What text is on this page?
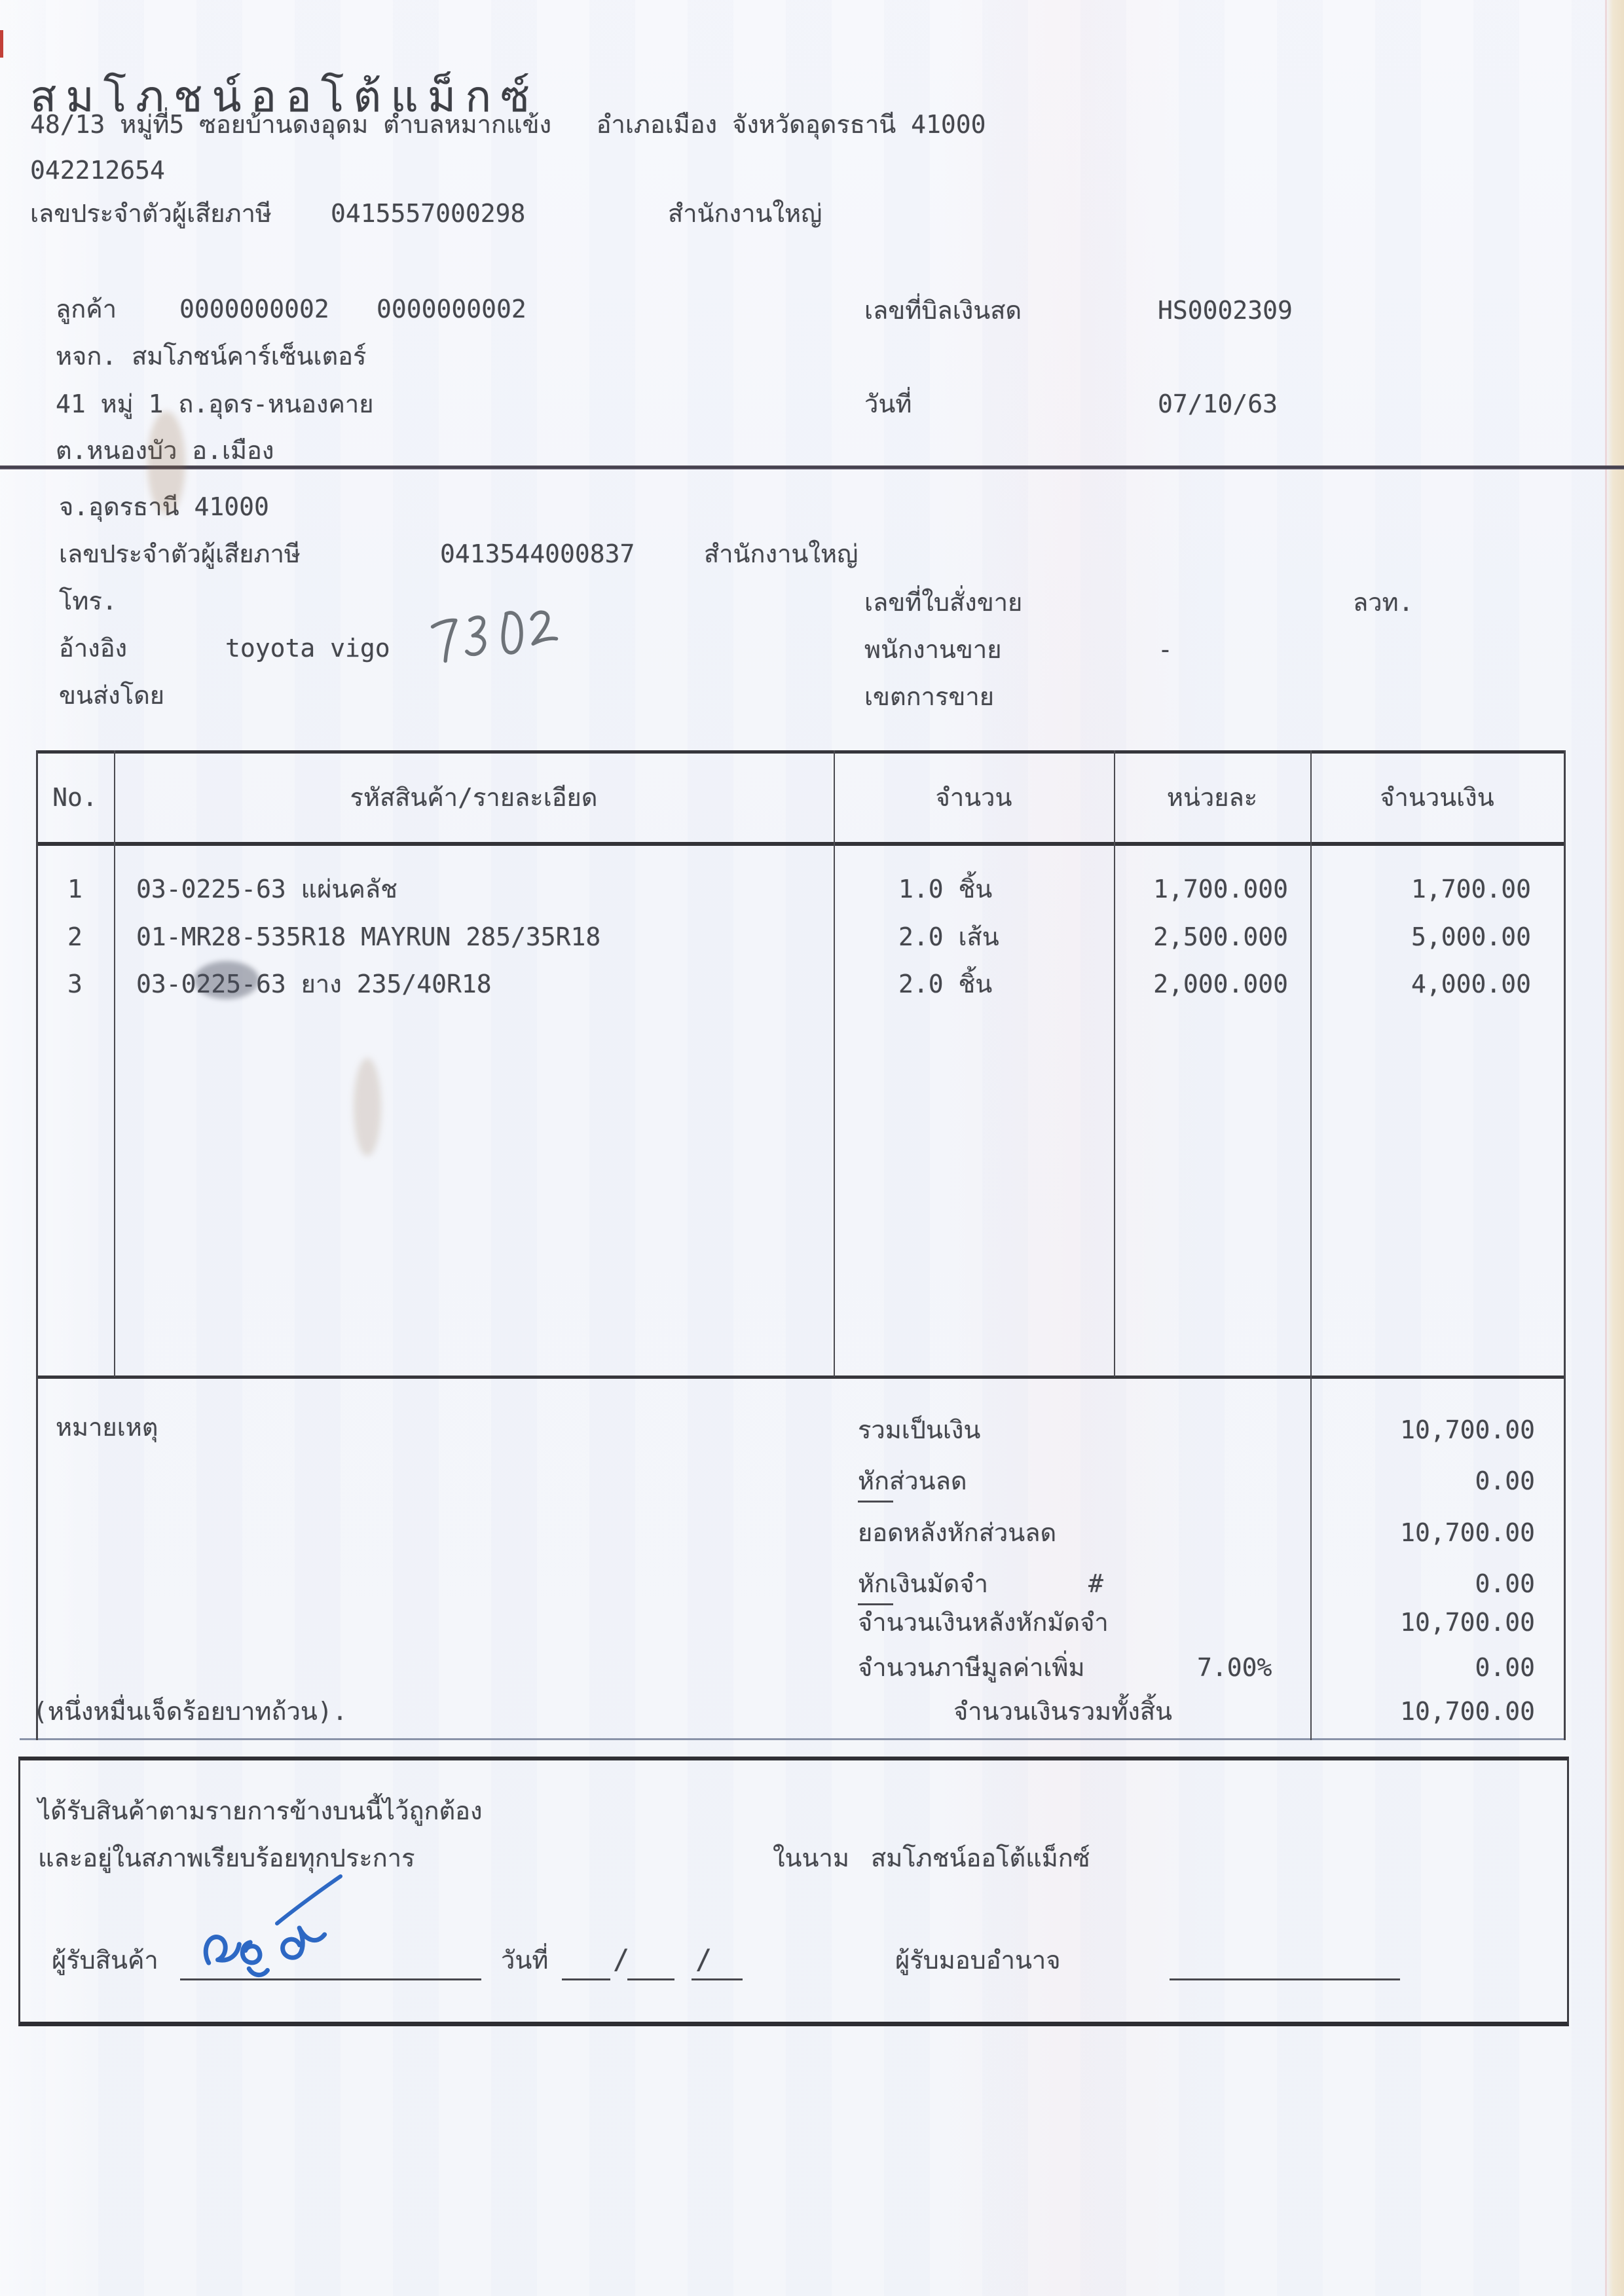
สมโภชน์ออโต้แม็กซ์
48/13 หมู่ที่5 ซอยบ้านดงอุดม ตำบลหมากแข้ง   อำเภอเมือง จังหวัดอุดรธานี 41000
042212654
เลขประจำตัวผู้เสียภาษี 0415557000298	สำนักงานใหญ่
ลูกค้า	0000000002 0000000002
หจก. สมโภชน์คาร์เซ็นเตอร์
41 หมู่ 1 ถ.อุดร-หนองคาย
ต.หนองบัว อ.เมือง
เลขที่บิลเงินสด	HS0002309
วันที่	07/10/63
จ.อุดรธานี 41000
เลขประจำตัวผู้เสียภาษี	0413544000837	สำนักงานใหญ่
โทร.	เลขที่ใบสั่งขาย	ลวท.
อ้างอิง	toyota vigo	พนักงานขาย	-
ขนส่งโดย	เขตการขาย
No.	รหัสสินค้า/รายละเอียด	จำนวน	หน่วยละ	จำนวนเงิน
1	03-0225-63 แผ่นคลัช	1.0 ชิ้น	1,700.000	1,700.00
2	01-MR28-535R18 MAYRUN 285/35R18	2.0 เส้น	2,500.000	5,000.00
3	03-0225-63 ยาง 235/40R18	2.0 ชิ้น	2,000.000	4,000.00
หมายเหตุ	รวมเป็นเงิน	10,700.00
หักส่วนลด	0.00
ยอดหลังหักส่วนลด	10,700.00
หักเงินมัดจำ	#	0.00
จำนวนเงินหลังหักมัดจำ	10,700.00
จำนวนภาษีมูลค่าเพิ่ม	7.00%	0.00
(หนึ่งหมื่นเจ็ดร้อยบาทถ้วน).	จำนวนเงินรวมทั้งสิ้น	10,700.00
ได้รับสินค้าตามรายการข้างบนนี้ไว้ถูกต้อง
และอยู่ในสภาพเรียบร้อยทุกประการ	ในนาม สมโภชน์ออโต้แม็กซ์
ผู้รับสินค้า	วันที่ / /	ผู้รับมอบอำนาจ
